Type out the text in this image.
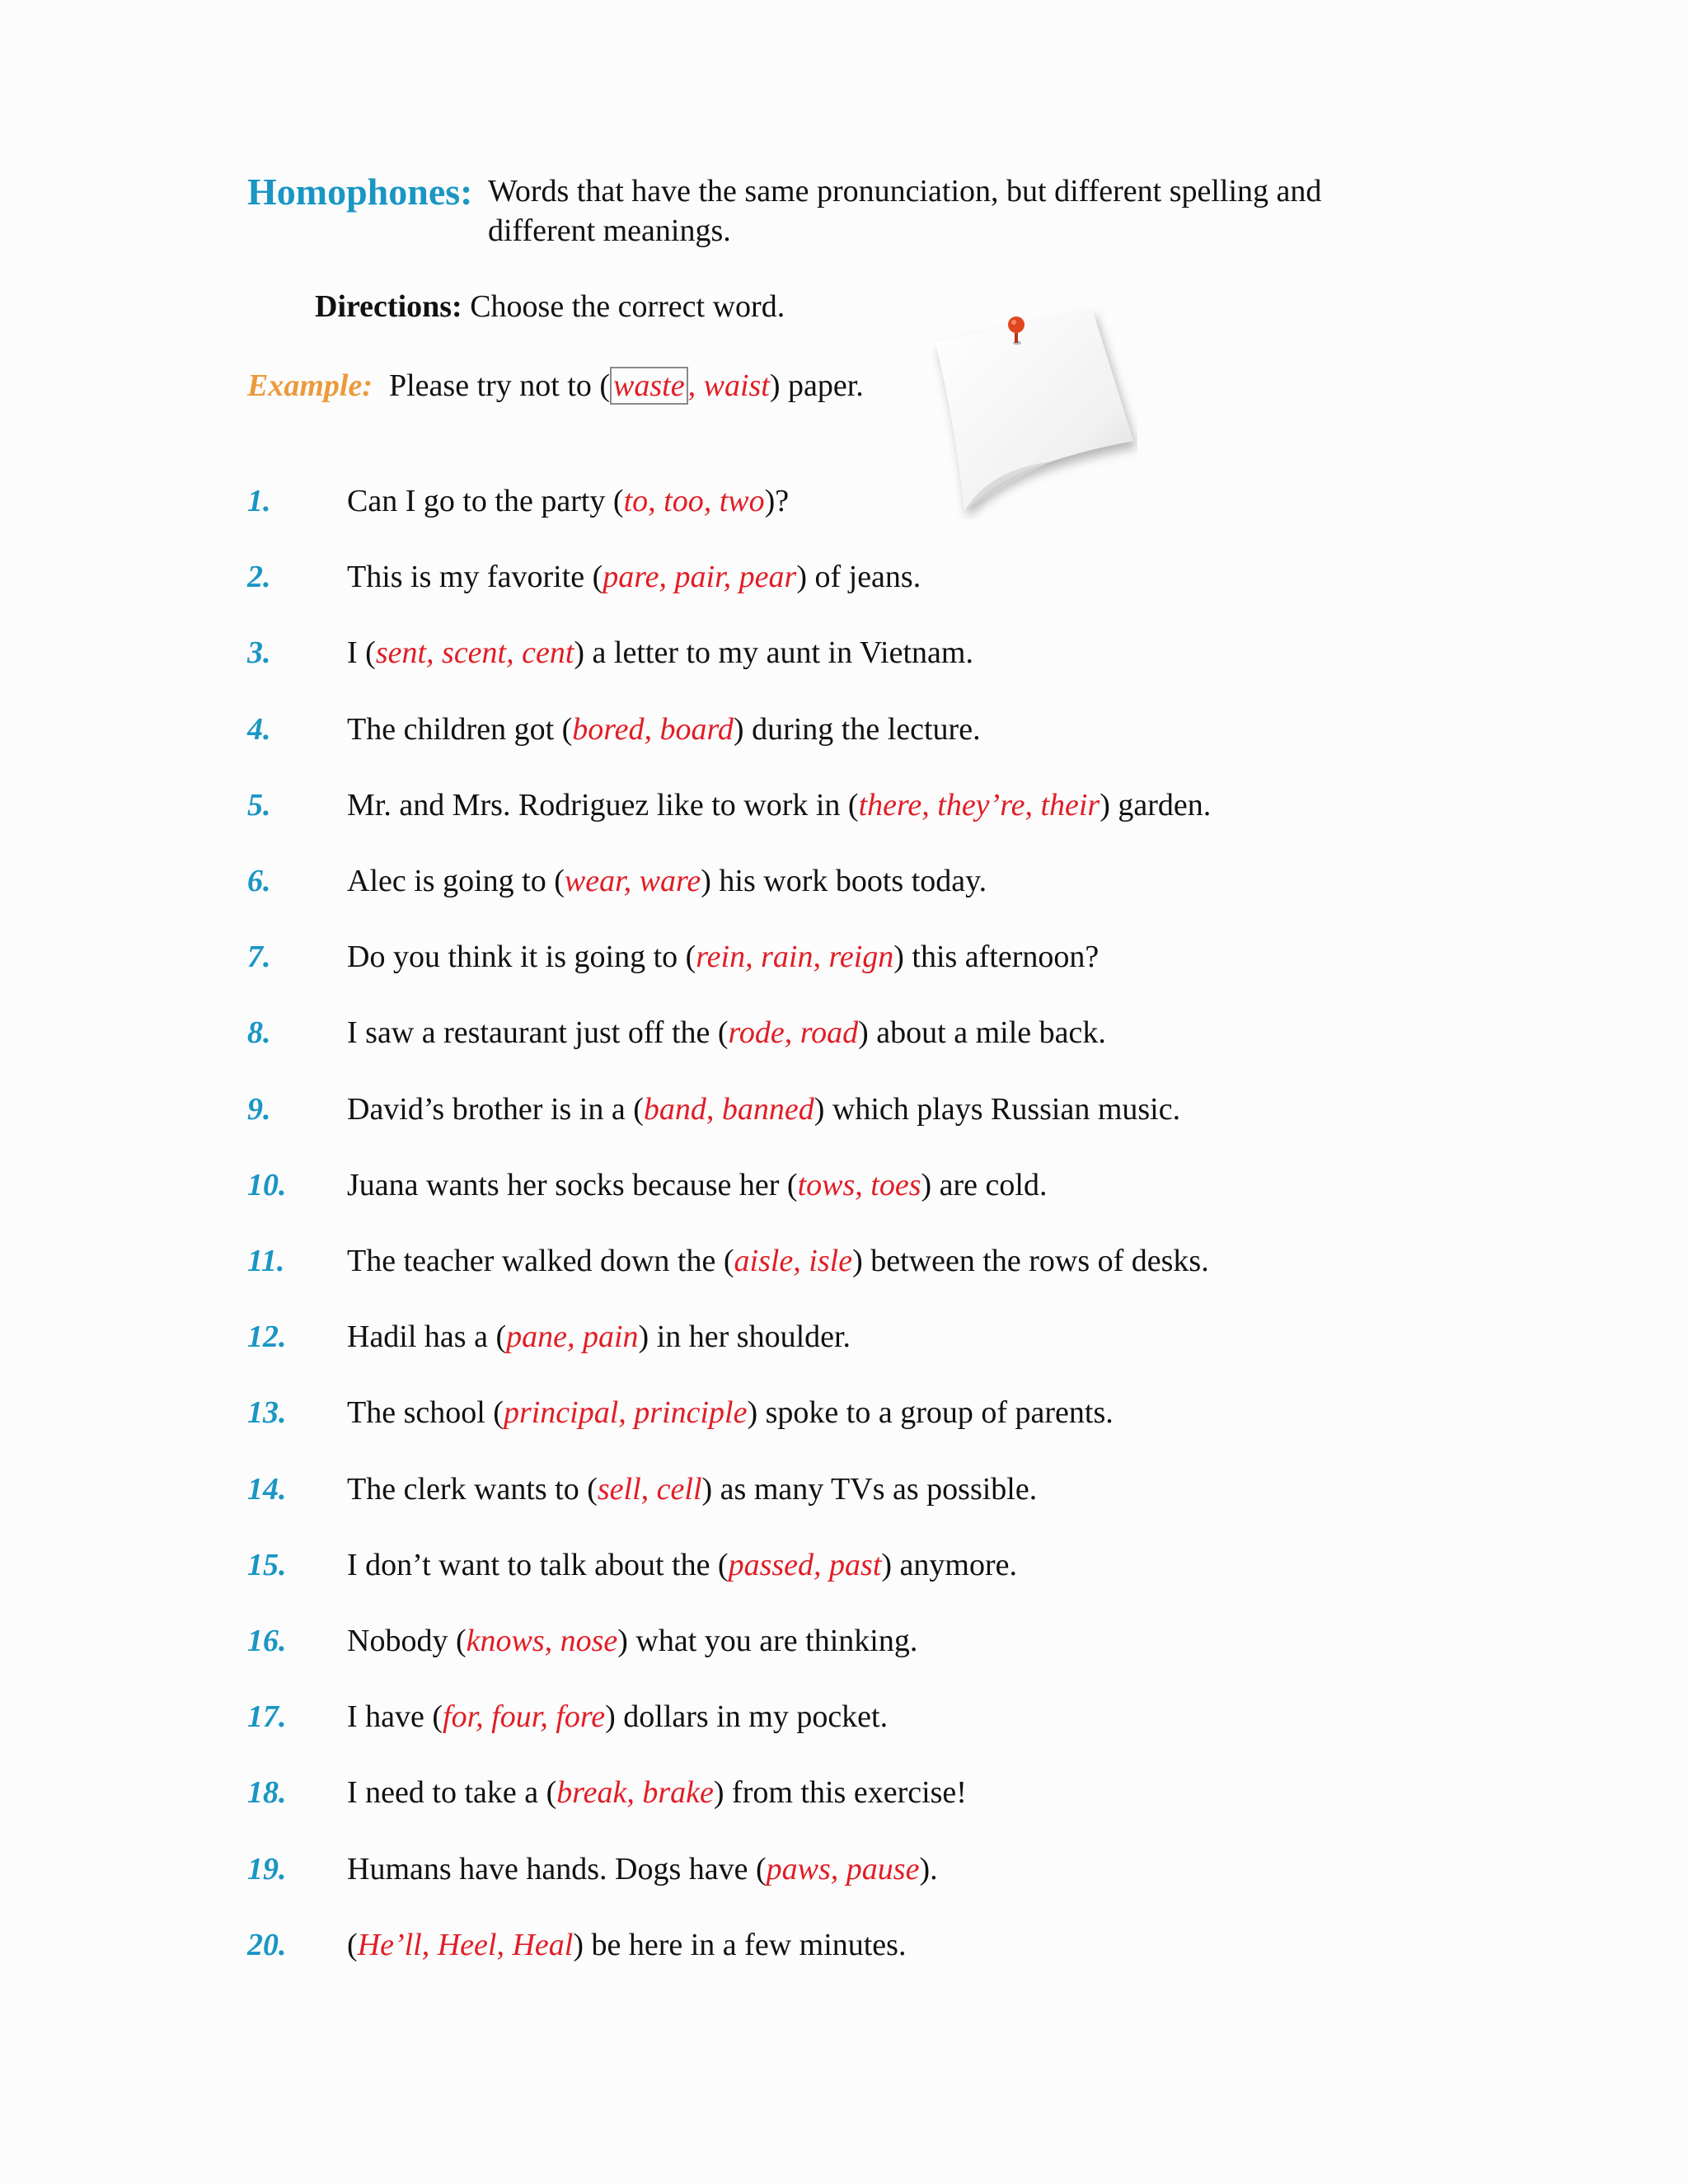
Homophones: Words that have the same pronunciation, but different spelling and different meanings.
Directions: Choose the correct word.
Example: Please try not to ( waste , waist) paper.
1. Can I go to the party (to, too, two)?
2. This is my favorite (pare, pair, pear) of jeans.
3. I (sent, scent, cent) a letter to my aunt in Vietnam.
4. The children got (bored, board) during the lecture.
5. Mr. and Mrs. Rodriguez like to work in (there, they’re, their) garden.
6. Alec is going to (wear, ware) his work boots today.
7. Do you think it is going to (rein, rain, reign) this afternoon?
8. I saw a restaurant just off the (rode, road) about a mile back.
9. David’s brother is in a (band, banned) which plays Russian music.
10. Juana wants her socks because her (tows, toes) are cold.
11. The teacher walked down the (aisle, isle) between the rows of desks.
12. Hadil has a (pane, pain) in her shoulder.
13. The school (principal, principle) spoke to a group of parents.
14. The clerk wants to (sell, cell) as many TVs as possible.
15. I don’t want to talk about the (passed, past) anymore.
16. Nobody (knows, nose) what you are thinking.
17. I have (for, four, fore) dollars in my pocket.
18. I need to take a (break, brake) from this exercise!
19. Humans have hands. Dogs have (paws, pause).
20. (He’ll, Heel, Heal) be here in a few minutes.
